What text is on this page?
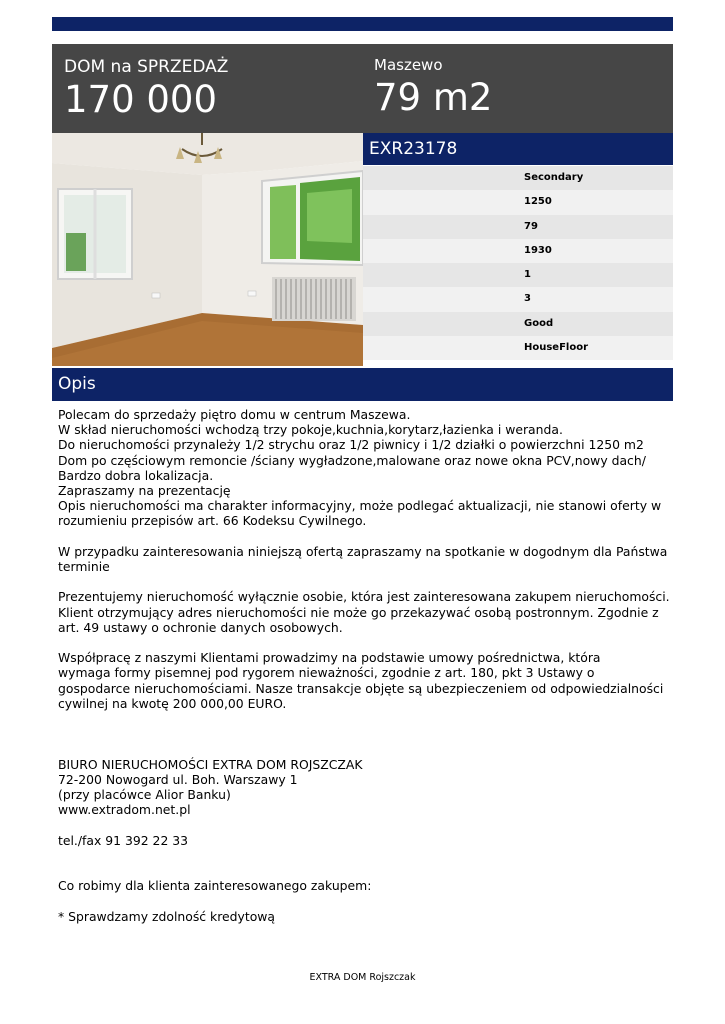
DOM na SPRZEDAŻ
170 000
Maszewo
79 m2
EXR23178
Secondary
1250
79
1930
1
3
Good
HouseFloor
Opis
Polecam do sprzedaży piętro domu w centrum Maszewa.
W skład nieruchomości wchodzą trzy pokoje,kuchnia,korytarz,łazienka i weranda.
Do nieruchomości przynależy 1/2 strychu oraz 1/2 piwnicy i 1/2 działki o powierzchni 1250 m2
Dom po częściowym remoncie /ściany wygładzone,malowane oraz nowe okna PCV,nowy dach/
Bardzo dobra lokalizacja.
Zapraszamy na prezentację
Opis nieruchomości ma charakter informacyjny, może podlegać aktualizacji, nie stanowi oferty w
rozumieniu przepisów art. 66 Kodeksu Cywilnego.
W przypadku zainteresowania niniejszą ofertą zapraszamy na spotkanie w dogodnym dla Państwa
terminie
Prezentujemy nieruchomość wyłącznie osobie, która jest zainteresowana zakupem nieruchomości.
Klient otrzymujący adres nieruchomości nie może go przekazywać osobą postronnym. Zgodnie z
art. 49 ustawy o ochronie danych osobowych.
Współpracę z naszymi Klientami prowadzimy na podstawie umowy pośrednictwa, która
wymaga formy pisemnej pod rygorem nieważności, zgodnie z art. 180, pkt 3 Ustawy o
gospodarce nieruchomościami. Nasze transakcje objęte są ubezpieczeniem od odpowiedzialności
cywilnej na kwotę 200 000,00 EURO.
BIURO NIERUCHOMOŚCI EXTRA DOM ROJSZCZAK
72-200 Nowogard ul. Boh. Warszawy 1
(przy placówce Alior Banku)
www.extradom.net.pl
tel./fax 91 392 22 33
Co robimy dla klienta zainteresowanego zakupem:
* Sprawdzamy zdolność kredytową
EXTRA DOM Rojszczak
